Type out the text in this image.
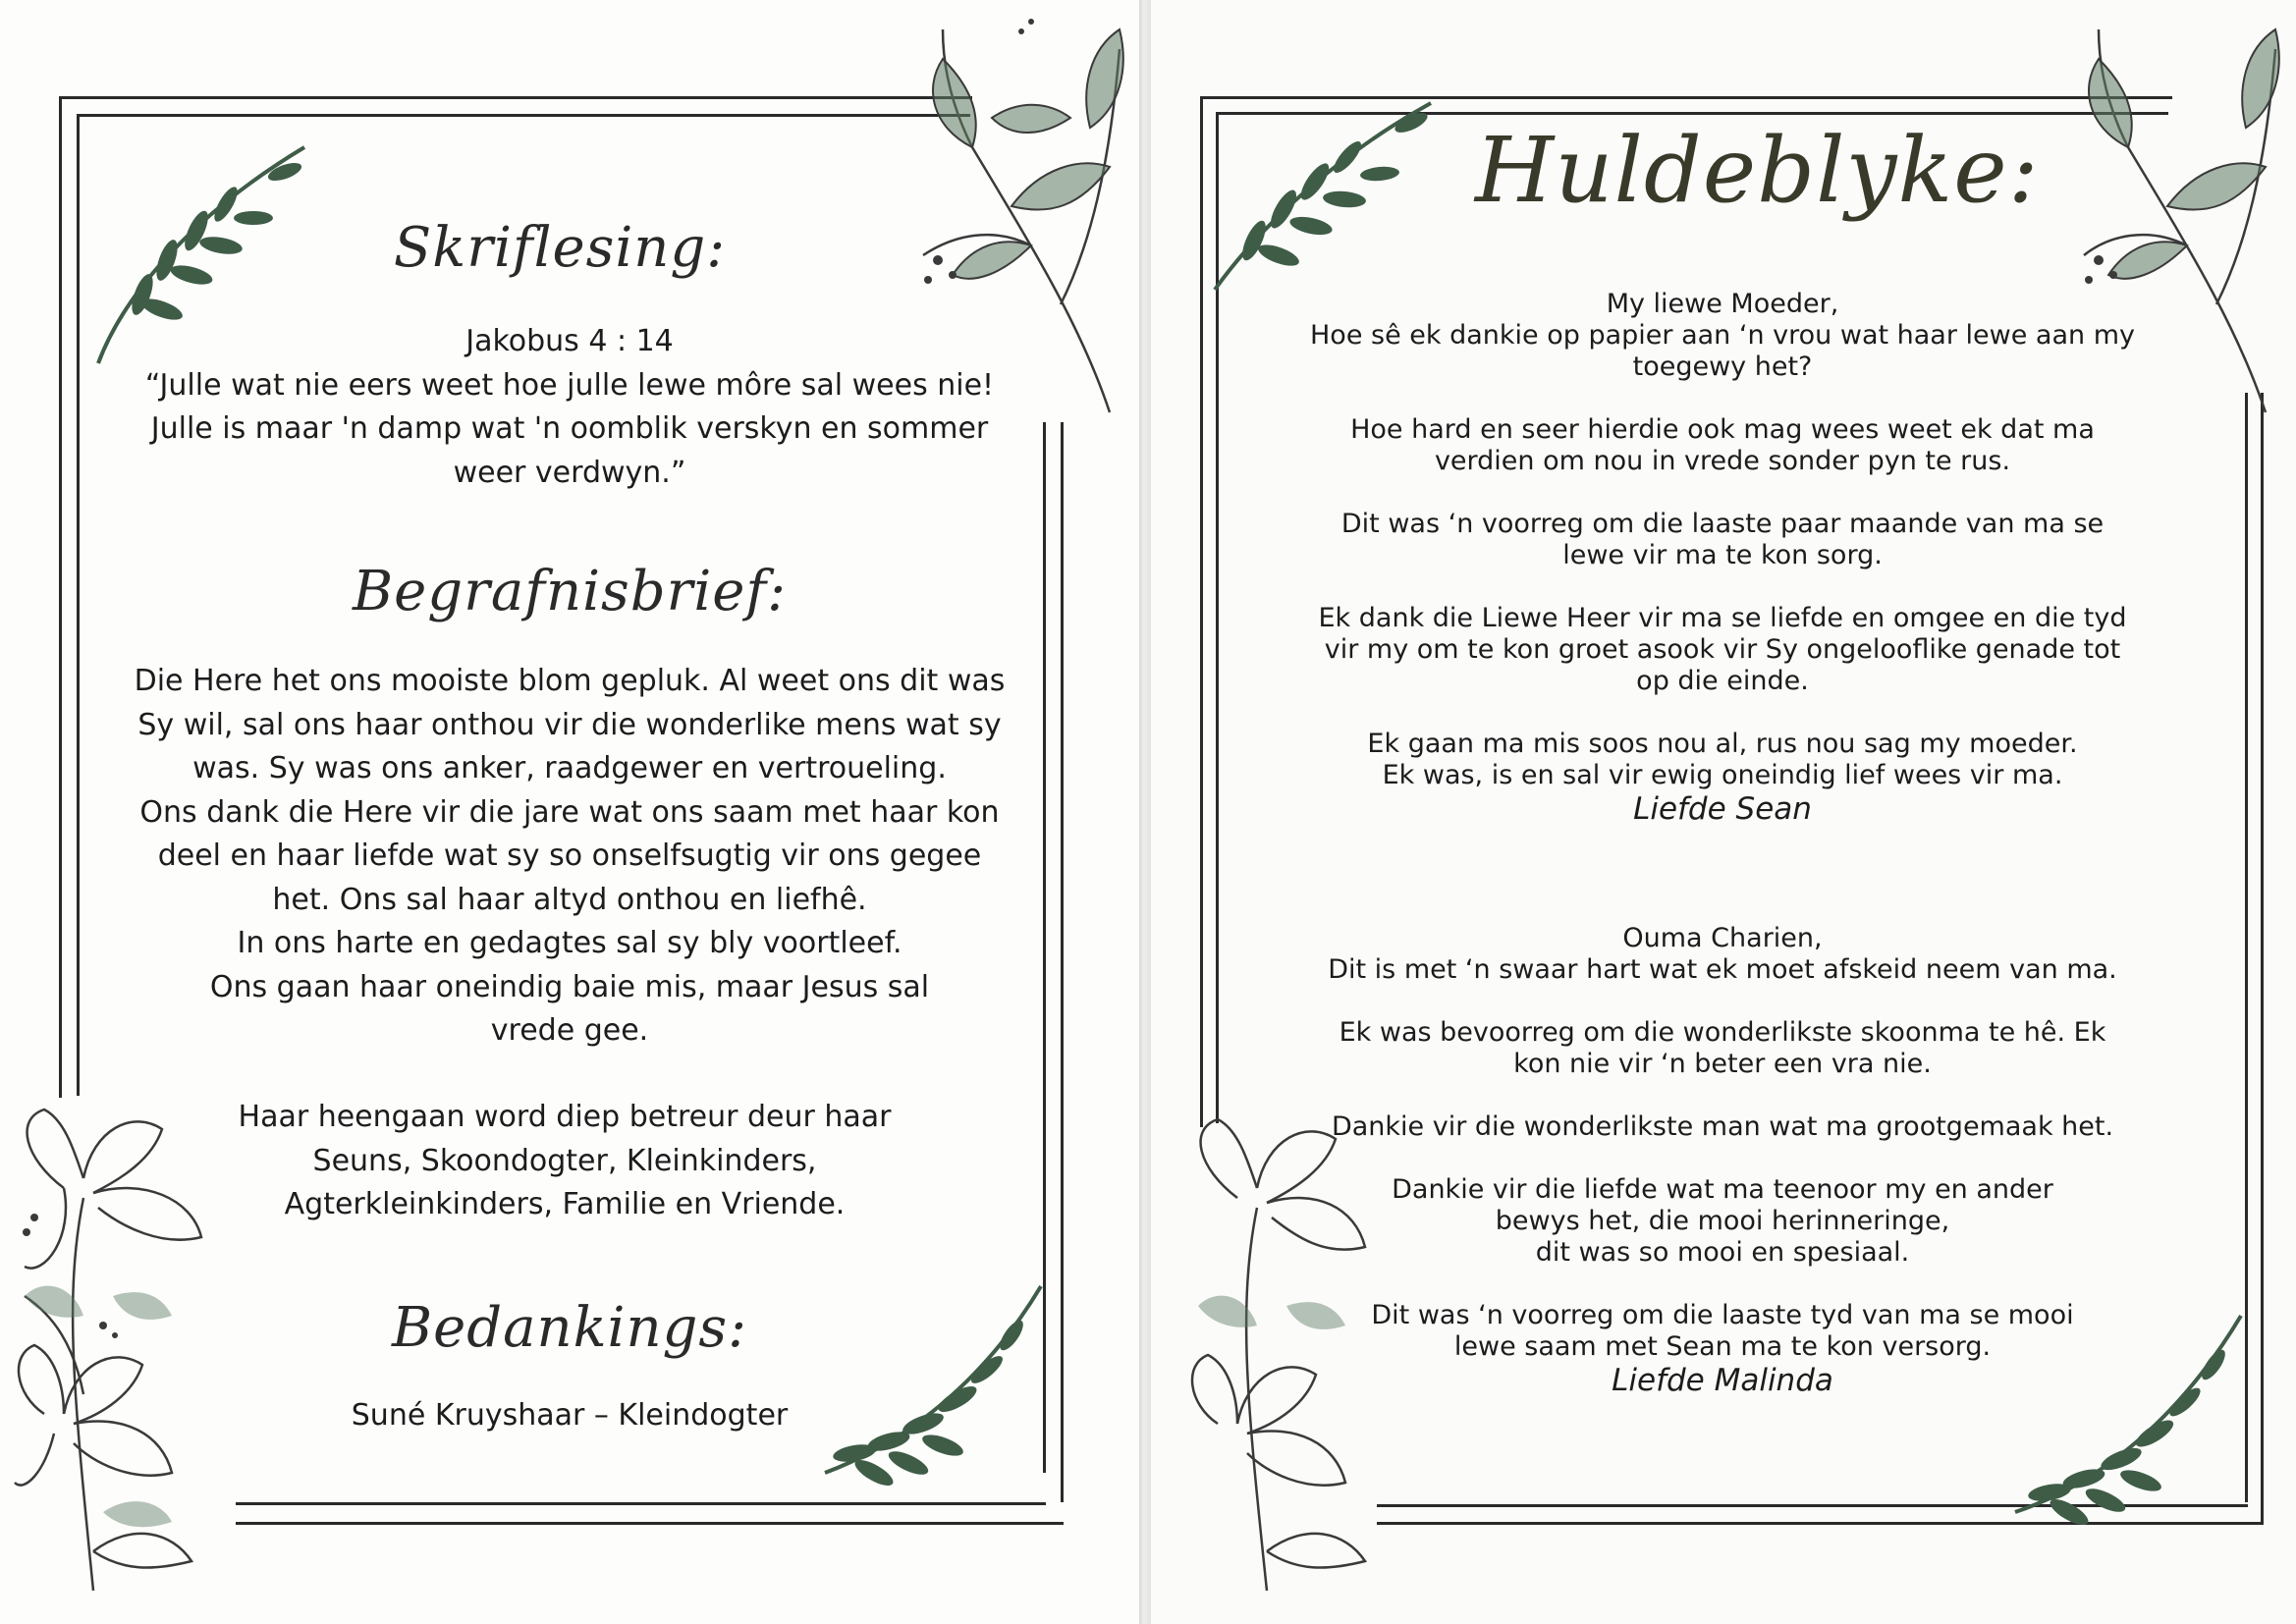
Skriflesing:
Jakobus 4 : 14
“Julle wat nie eers weet hoe julle lewe môre sal wees nie!
Julle is maar 'n damp wat 'n oomblik verskyn en sommer
weer verdwyn.”
Begrafnisbrief:
Die Here het ons mooiste blom gepluk. Al weet ons dit was
Sy wil, sal ons haar onthou vir die wonderlike mens wat sy
was. Sy was ons anker, raadgewer en vertroueling.
Ons dank die Here vir die jare wat ons saam met haar kon
deel en haar liefde wat sy so onselfsugtig vir ons gegee
het. Ons sal haar altyd onthou en liefhê.
In ons harte en gedagtes sal sy bly voortleef.
Ons gaan haar oneindig baie mis, maar Jesus sal
vrede gee.
Haar heengaan word diep betreur deur haar
Seuns, Skoondogter, Kleinkinders,
Agterkleinkinders, Familie en Vriende.
Bedankings:
Suné Kruyshaar – Kleindogter
Huldeblyke:
My liewe Moeder,
Hoe sê ek dankie op papier aan ‘n vrou wat haar lewe aan my
toegewy het?
Hoe hard en seer hierdie ook mag wees weet ek dat ma
verdien om nou in vrede sonder pyn te rus.
Dit was ‘n voorreg om die laaste paar maande van ma se
lewe vir ma te kon sorg.
Ek dank die Liewe Heer vir ma se liefde en omgee en die tyd
vir my om te kon groet asook vir Sy ongelooflike genade tot
op die einde.
Ek gaan ma mis soos nou al, rus nou sag my moeder.
Ek was, is en sal vir ewig oneindig lief wees vir ma.
Liefde Sean
Ouma Charien,
Dit is met ‘n swaar hart wat ek moet afskeid neem van ma.
Ek was bevoorreg om die wonderlikste skoonma te hê. Ek
kon nie vir ‘n beter een vra nie.
Dankie vir die wonderlikste man wat ma grootgemaak het.
Dankie vir die liefde wat ma teenoor my en ander
bewys het, die mooi herinneringe,
dit was so mooi en spesiaal.
Dit was ‘n voorreg om die laaste tyd van ma se mooi
lewe saam met Sean ma te kon versorg.
Liefde Malinda
